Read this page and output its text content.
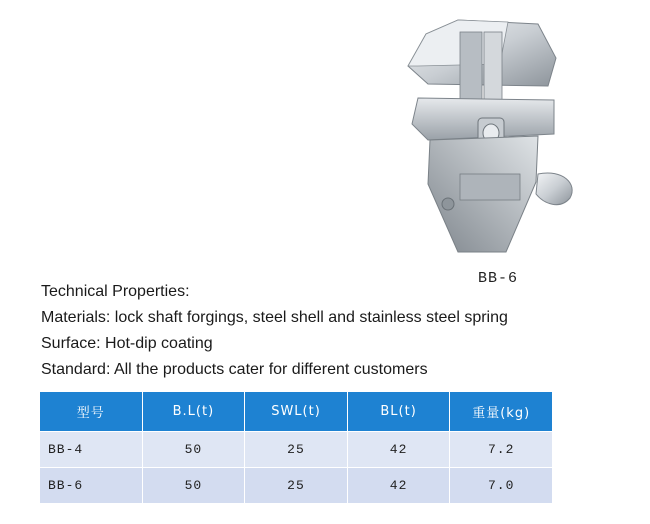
BB-6
Technical Properties:
Materials: lock shaft forgings, steel shell and stainless steel spring
Surface: Hot-dip coating
Standard: All the products cater for different customers
型号	B.L(t)	SWL(t)	BL(t)	重量(kg)
BB-4	50	25	42	7.2
BB-6	50	25	42	7.0
